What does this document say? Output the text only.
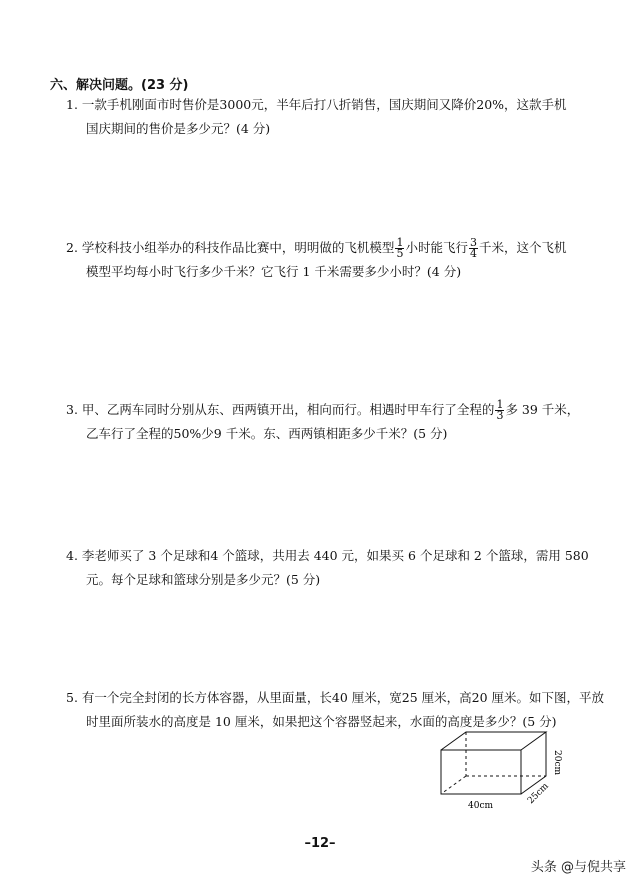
六、解决问题。(23 分)
1. 一款手机刚面市时售价是3000元，半年后打八折销售，国庆期间又降价20%，这款手机
国庆期间的售价是多少元？(4 分)
2. 学校科技小组举办的科技作品比赛中，明明做的飞机模型 $\frac{1}{5}$ 小时能飞行 $\frac{3}{4}$ 千米，这个飞机
模型平均每小时飞行多少千米？它飞行 1 千米需要多少小时？(4 分)
3. 甲、乙两车同时分别从东、西两镇开出，相向而行。相遇时甲车行了全程的 $\frac{1}{3}$ 多 39 千米，
乙车行了全程的50%少9 千米。东、西两镇相距多少千米？(5 分)
4. 李老师买了 3 个足球和4 个篮球，共用去 440 元，如果买 6 个足球和 2 个篮球，需用 580
元。每个足球和篮球分别是多少元？(5 分)
5. 有一个完全封闭的长方体容器，从里面量，长40 厘米，宽25 厘米，高20 厘米。如下图，平放
时里面所装水的高度是 10 厘米，如果把这个容器竖起来，水面的高度是多少？(5 分)
40cm
20cm
25cm
–12–
头条 @与倪共享
